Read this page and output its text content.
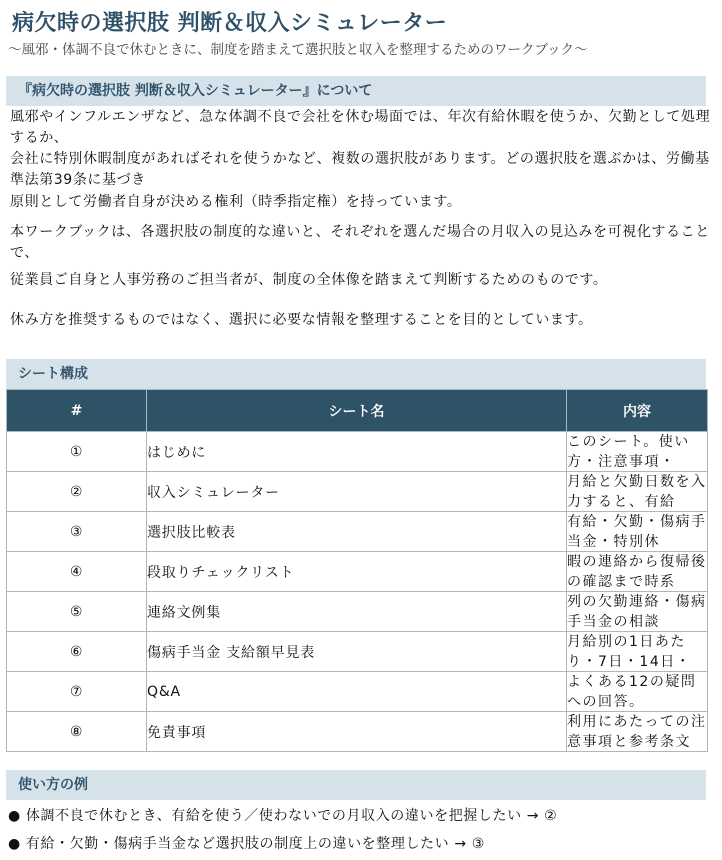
病欠時の選択肢 判断＆収入シミュレーター
～風邪・体調不良で休むときに、制度を踏まえて選択肢と収入を整理するためのワークブック～
『病欠時の選択肢 判断＆収入シミュレーター』について
風邪やインフルエンザなど、急な体調不良で会社を休む場面では、年次有給休暇を使うか、欠勤として処理するか、
会社に特別休暇制度があればそれを使うかなど、複数の選択肢があります。どの選択肢を選ぶかは、労働基準法第39条に基づき
原則として労働者自身が決める権利（時季指定権）を持っています。
本ワークブックは、各選択肢の制度的な違いと、それぞれを選んだ場合の月収入の見込みを可視化することで、
従業員ご自身と人事労務のご担当者が、制度の全体像を踏まえて判断するためのものです。
休み方を推奨するものではなく、選択に必要な情報を整理することを目的としています。
シート構成
#	シート名	内容
①	はじめに	このシート。使い方・注意事項・

②	収入シミュレーター	月給と欠勤日数を入力すると、有給

③	選択肢比較表	有給・欠勤・傷病手当金・特別休

④	段取りチェックリスト	暇の連絡から復帰後の確認まで時系

⑤	連絡文例集	列の欠勤連絡・傷病手当金の相談

⑥	傷病手当金 支給額早見表	月給別の1日あたり・7日・14日・

⑦	Q&A	よくある12の疑問への回答。

⑧	免責事項	利用にあたっての注意事項と参考条文
使い方の例
● 体調不良で休むとき、有給を使う／使わないでの月収入の違いを把握したい → ②
● 有給・欠勤・傷病手当金など選択肢の制度上の違いを整理したい → ③
